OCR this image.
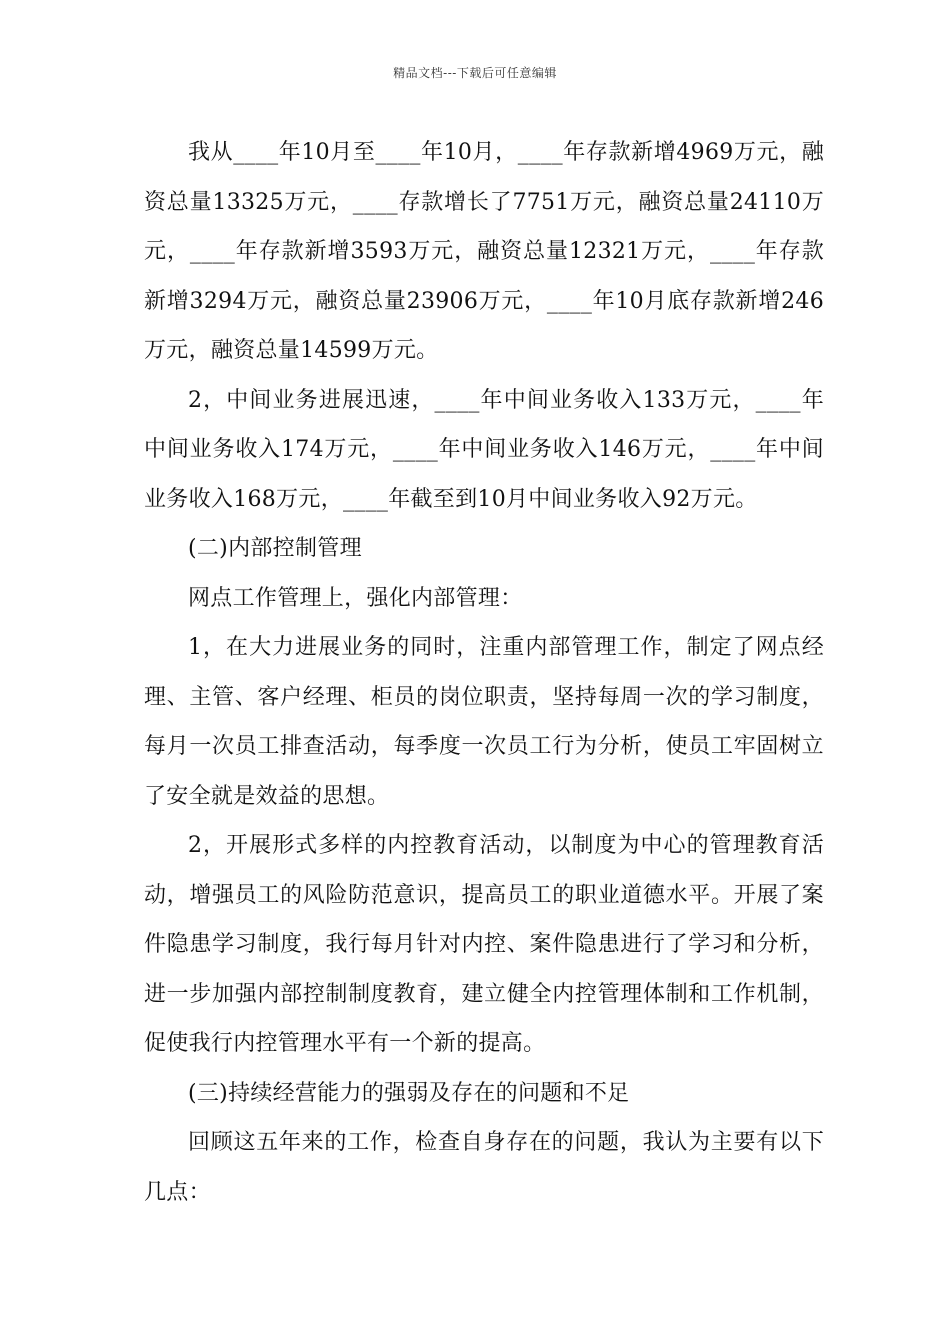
精品文档---下载后可任意编辑

我从____年10月至____年10月，____年存款新增4969万元，融资总量13325万元，____存款增长了7751万元，融资总量24110万元，____年存款新增3593万元，融资总量12321万元，____年存款新增3294万元，融资总量23906万元，____年10月底存款新增246万元，融资总量14599万元。

2，中间业务进展迅速，____年中间业务收入133万元，____年中间业务收入174万元，____年中间业务收入146万元，____年中间业务收入168万元，____年截至到10月中间业务收入92万元。

(二)内部控制管理

网点工作管理上，强化内部管理：

1，在大力进展业务的同时，注重内部管理工作，制定了网点经理、主管、客户经理、柜员的岗位职责，坚持每周一次的学习制度，每月一次员工排查活动，每季度一次员工行为分析，使员工牢固树立了安全就是效益的思想。

2，开展形式多样的内控教育活动，以制度为中心的管理教育活动，增强员工的风险防范意识，提高员工的职业道德水平。开展了案件隐患学习制度，我行每月针对内控、案件隐患进行了学习和分析，进一步加强内部控制制度教育，建立健全内控管理体制和工作机制，促使我行内控管理水平有一个新的提高。

(三)持续经营能力的强弱及存在的问题和不足

回顾这五年来的工作，检查自身存在的问题，我认为主要有以下几点：
